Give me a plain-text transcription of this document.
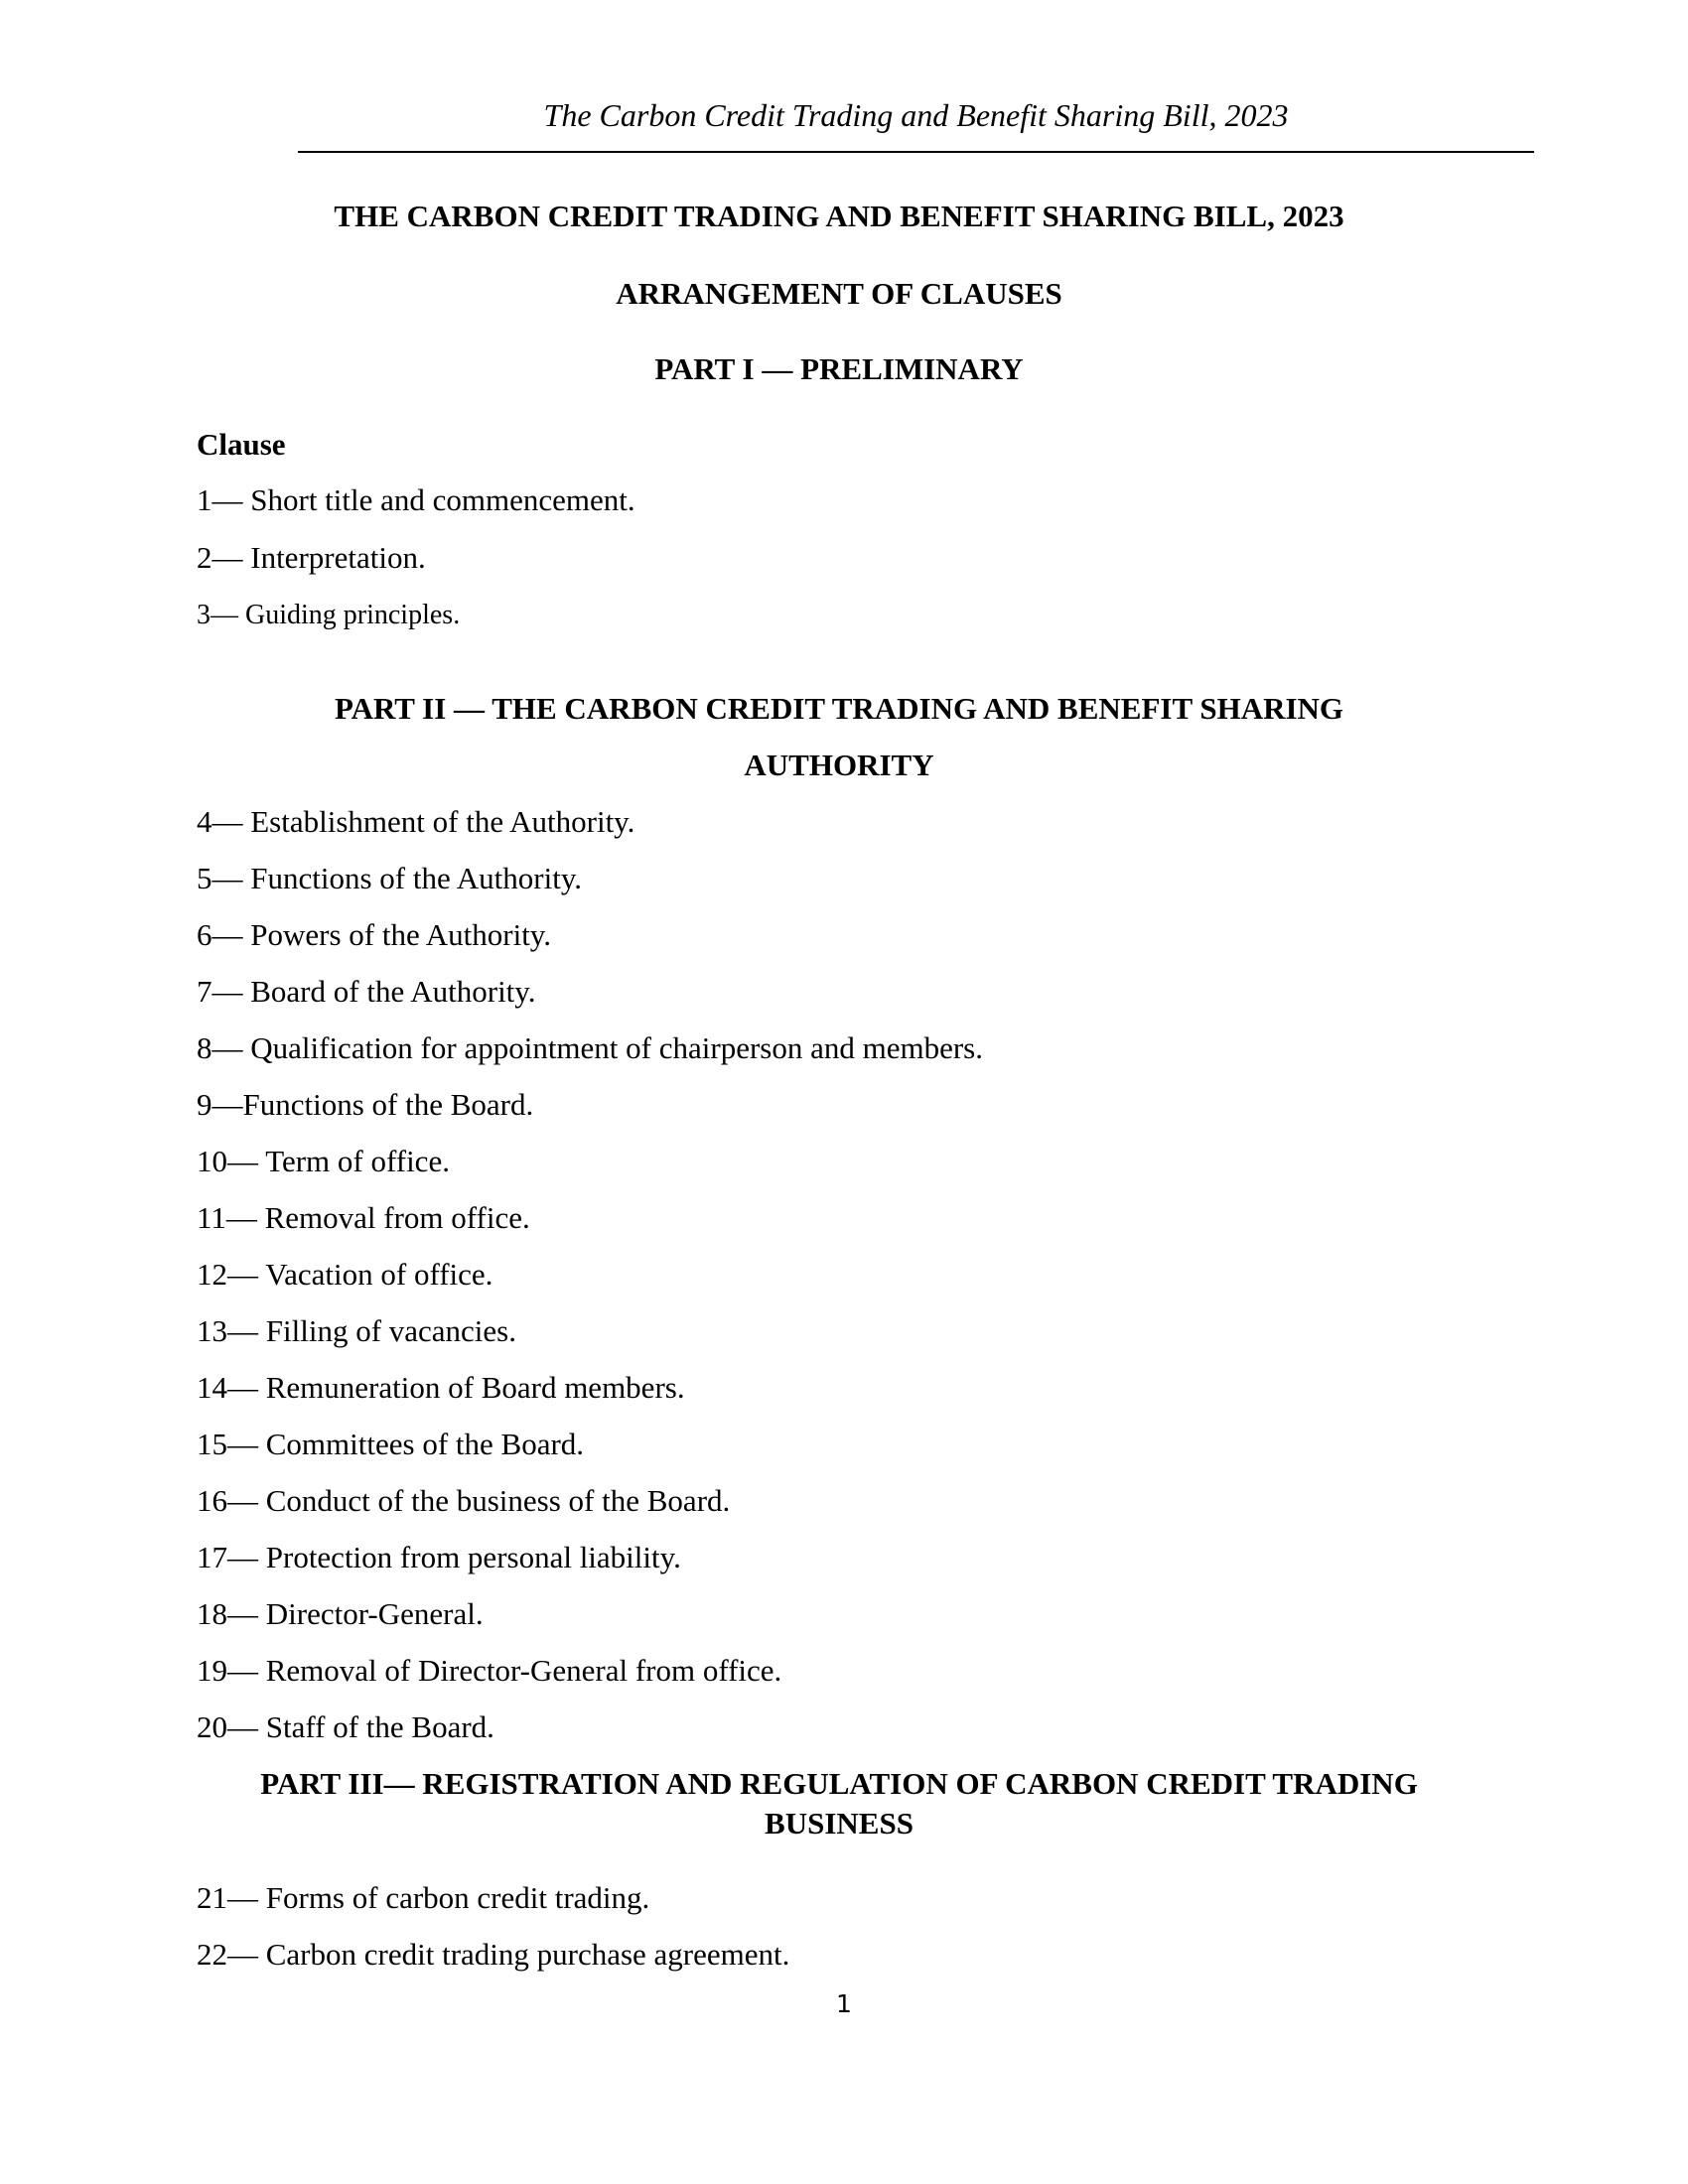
The Carbon Credit Trading and Benefit Sharing Bill, 2023
THE CARBON CREDIT TRADING AND BENEFIT SHARING BILL, 2023
ARRANGEMENT OF CLAUSES
PART I — PRELIMINARY
Clause
1— Short title and commencement.
2— Interpretation.
3— Guiding principles.
PART II — THE CARBON CREDIT TRADING AND BENEFIT SHARING
AUTHORITY
4— Establishment of the Authority.
5— Functions of the Authority.
6— Powers of the Authority.
7— Board of the Authority.
8— Qualification for appointment of chairperson and members.
9—Functions of the Board.
10— Term of office.
11— Removal from office.
12— Vacation of office.
13— Filling of vacancies.
14— Remuneration of Board members.
15— Committees of the Board.
16— Conduct of the business of the Board.
17— Protection from personal liability.
18— Director-General.
19— Removal of Director-General from office.
20— Staff of the Board.
PART III— REGISTRATION AND REGULATION OF CARBON CREDIT TRADING
BUSINESS
21— Forms of carbon credit trading.
22— Carbon credit trading purchase agreement.
1
